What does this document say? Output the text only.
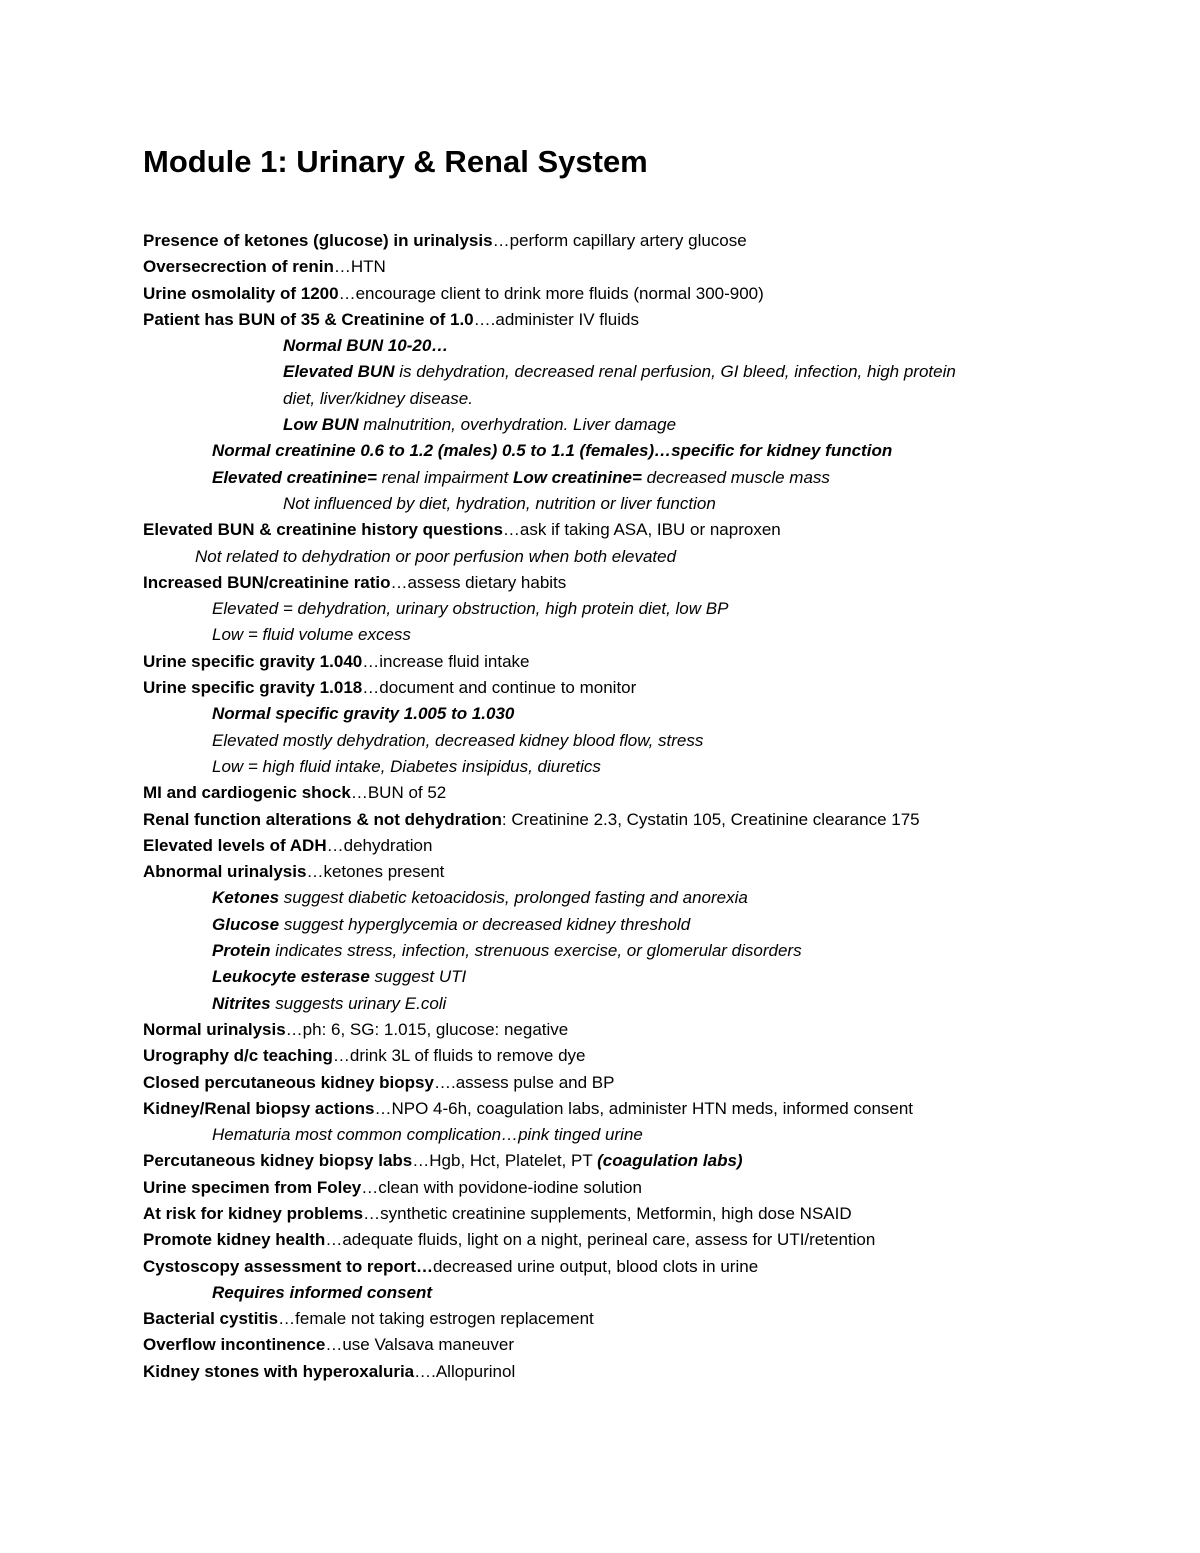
Module 1: Urinary & Renal System
Presence of ketones (glucose) in urinalysis…perform capillary artery glucose
Oversecrection of renin…HTN
Urine osmolality of 1200…encourage client to drink more fluids (normal 300-900)
Patient has BUN of 35 & Creatinine of 1.0….administer IV fluids
Normal BUN 10-20…
Elevated BUN is dehydration, decreased renal perfusion, GI bleed, infection, high protein
diet, liver/kidney disease.
Low BUN malnutrition, overhydration. Liver damage
Normal creatinine 0.6 to 1.2 (males) 0.5 to 1.1 (females)…specific for kidney function
Elevated creatinine= renal impairment Low creatinine= decreased muscle mass
Not influenced by diet, hydration, nutrition or liver function
Elevated BUN & creatinine history questions…ask if taking ASA, IBU or naproxen
Not related to dehydration or poor perfusion when both elevated
Increased BUN/creatinine ratio…assess dietary habits
Elevated = dehydration, urinary obstruction, high protein diet, low BP
Low = fluid volume excess
Urine specific gravity 1.040…increase fluid intake
Urine specific gravity 1.018…document and continue to monitor
Normal specific gravity 1.005 to 1.030
Elevated mostly dehydration, decreased kidney blood flow, stress
Low = high fluid intake, Diabetes insipidus, diuretics
MI and cardiogenic shock…BUN of 52
Renal function alterations & not dehydration: Creatinine 2.3, Cystatin 105, Creatinine clearance 175
Elevated levels of ADH…dehydration
Abnormal urinalysis…ketones present
Ketones suggest diabetic ketoacidosis, prolonged fasting and anorexia
Glucose suggest hyperglycemia or decreased kidney threshold
Protein indicates stress, infection, strenuous exercise, or glomerular disorders
Leukocyte esterase suggest UTI
Nitrites suggests urinary E.coli
Normal urinalysis…ph: 6, SG: 1.015, glucose: negative
Urography d/c teaching…drink 3L of fluids to remove dye
Closed percutaneous kidney biopsy….assess pulse and BP
Kidney/Renal biopsy actions…NPO 4-6h, coagulation labs, administer HTN meds, informed consent
Hematuria most common complication…pink tinged urine
Percutaneous kidney biopsy labs…Hgb, Hct, Platelet, PT (coagulation labs)
Urine specimen from Foley…clean with povidone-iodine solution
At risk for kidney problems…synthetic creatinine supplements, Metformin, high dose NSAID
Promote kidney health…adequate fluids, light on a night, perineal care, assess for UTI/retention
Cystoscopy assessment to report…decreased urine output, blood clots in urine
Requires informed consent
Bacterial cystitis…female not taking estrogen replacement
Overflow incontinence…use Valsava maneuver
Kidney stones with hyperoxaluria….Allopurinol
